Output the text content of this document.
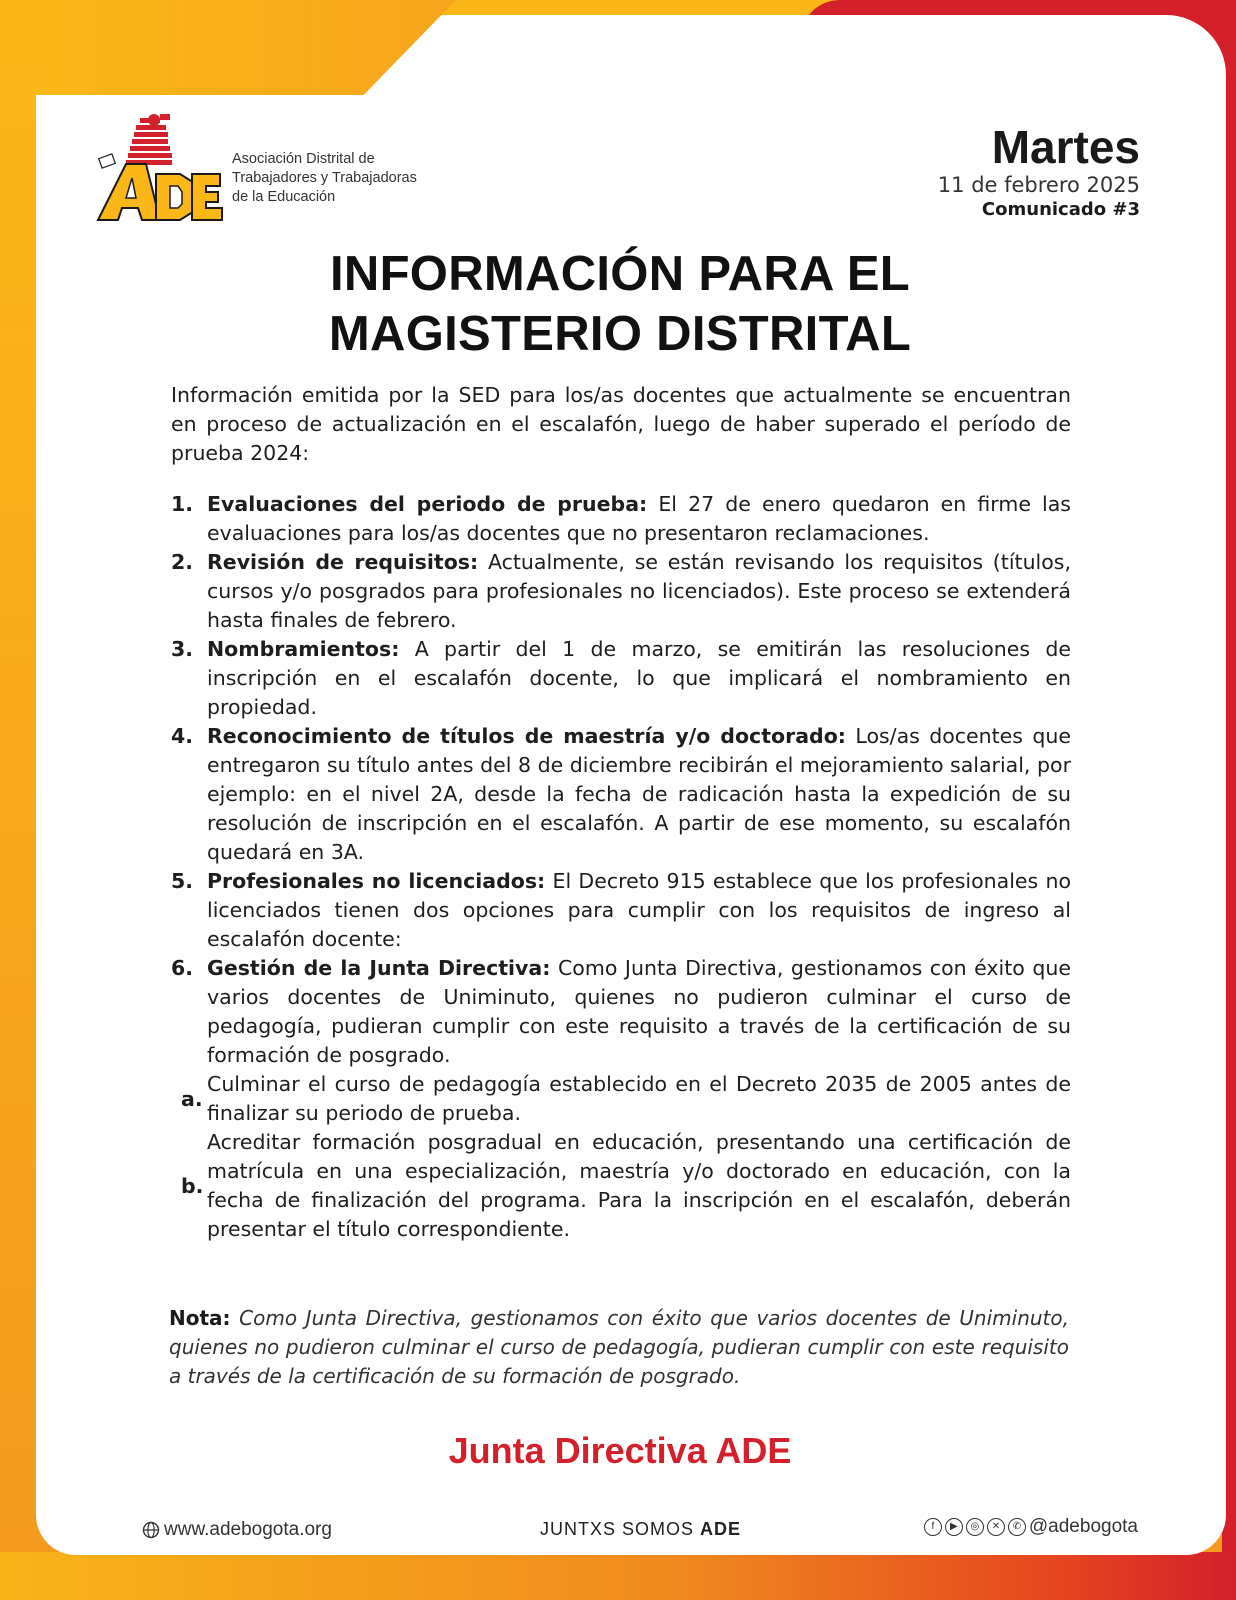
Asociación Distrital de
Trabajadores y Trabajadoras
de la Educación
Martes
11 de febrero 2025
Comunicado #3
INFORMACIÓN PARA EL
MAGISTERIO DISTRITAL
Información emitida por la SED para los/as docentes que actualmente se encuentran en proceso de actualización en el escalafón, luego de haber superado el período de prueba 2024:
1. Evaluaciones del periodo de prueba: El 27 de enero quedaron en firme las evaluaciones para los/as docentes que no presentaron reclamaciones.
2. Revisión de requisitos: Actualmente, se están revisando los requisitos (títulos, cursos y/o posgrados para profesionales no licenciados). Este proceso se extenderá hasta finales de febrero.
3. Nombramientos: A partir del 1 de marzo, se emitirán las resoluciones de inscripción en el escalafón docente, lo que implicará el nombramiento en propiedad.
4. Reconocimiento de títulos de maestría y/o doctorado: Los/as docentes que entregaron su título antes del 8 de diciembre recibirán el mejoramiento salarial, por ejemplo: en el nivel 2A, desde la fecha de radicación hasta la expedición de su resolución de inscripción en el escalafón. A partir de ese momento, su escalafón quedará en 3A.
5. Profesionales no licenciados: El Decreto 915 establece que los profesionales no licenciados tienen dos opciones para cumplir con los requisitos de ingreso al escalafón docente:
6. Gestión de la Junta Directiva: Como Junta Directiva, gestionamos con éxito que varios docentes de Uniminuto, quienes no pudieron culminar el curso de pedagogía, pudieran cumplir con este requisito a través de la certificación de su formación de posgrado.
a.
Culminar el curso de pedagogía establecido en el Decreto 2035 de 2005 antes de finalizar su periodo de prueba.
b.
Acreditar formación posgradual en educación, presentando una certificación de matrícula en una especialización, maestría y/o doctorado en educación, con la fecha de finalización del programa. Para la inscripción en el escalafón, deberán presentar el título correspondiente.
Nota: Como Junta Directiva, gestionamos con éxito que varios docentes de Uniminuto, quienes no pudieron culminar el curso de pedagogía, pudieran cumplir con este requisito a través de la certificación de su formación de posgrado.
Junta Directiva ADE
www.adebogota.org	JUNTXS SOMOS ADE	f	▶	◎	✕	✆ @adebogota
